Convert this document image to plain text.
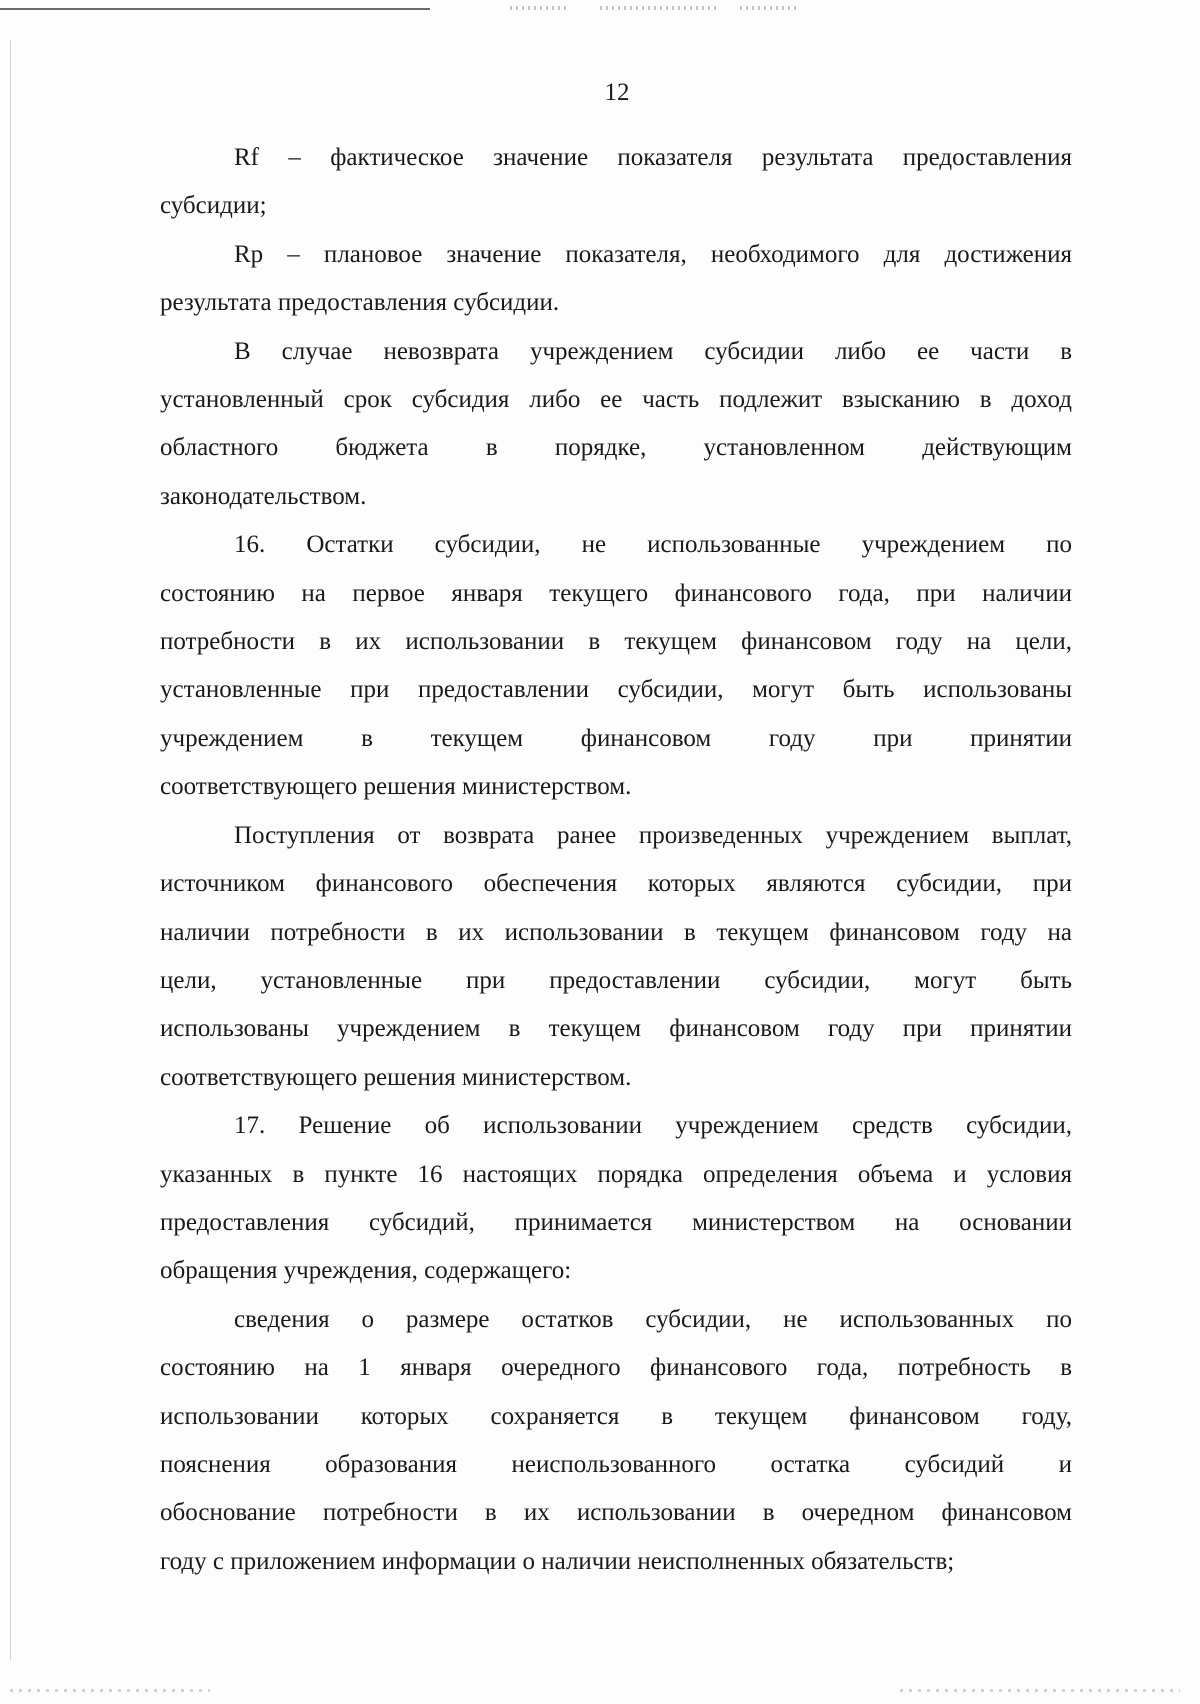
12

Rf – фактическое значение показателя результата предоставления
субсидии;

Rp – плановое значение показателя, необходимого для достижения
результата предоставления субсидии.

В случае невозврата учреждением субсидии либо ее части в
установленный срок субсидия либо ее часть подлежит взысканию в доход
областного бюджета в порядке, установленном действующим
законодательством.

16. Остатки субсидии, не использованные учреждением по
состоянию на первое января текущего финансового года, при наличии
потребности в их использовании в текущем финансовом году на цели,
установленные при предоставлении субсидии, могут быть использованы
учреждением в текущем финансовом году при принятии
соответствующего решения министерством.

Поступления от возврата ранее произведенных учреждением выплат,
источником финансового обеспечения которых являются субсидии, при
наличии потребности в их использовании в текущем финансовом году на
цели, установленные при предоставлении субсидии, могут быть
использованы учреждением в текущем финансовом году при принятии
соответствующего решения министерством.

17. Решение об использовании учреждением средств субсидии,
указанных в пункте 16 настоящих порядка определения объема и условия
предоставления субсидий, принимается министерством на основании
обращения учреждения, содержащего:

сведения о размере остатков субсидии, не использованных по
состоянию на 1 января очередного финансового года, потребность в
использовании которых сохраняется в текущем финансовом году,
пояснения образования неиспользованного остатка субсидий и
обоснование потребности в их использовании в очередном финансовом
году с приложением информации о наличии неисполненных обязательств;
